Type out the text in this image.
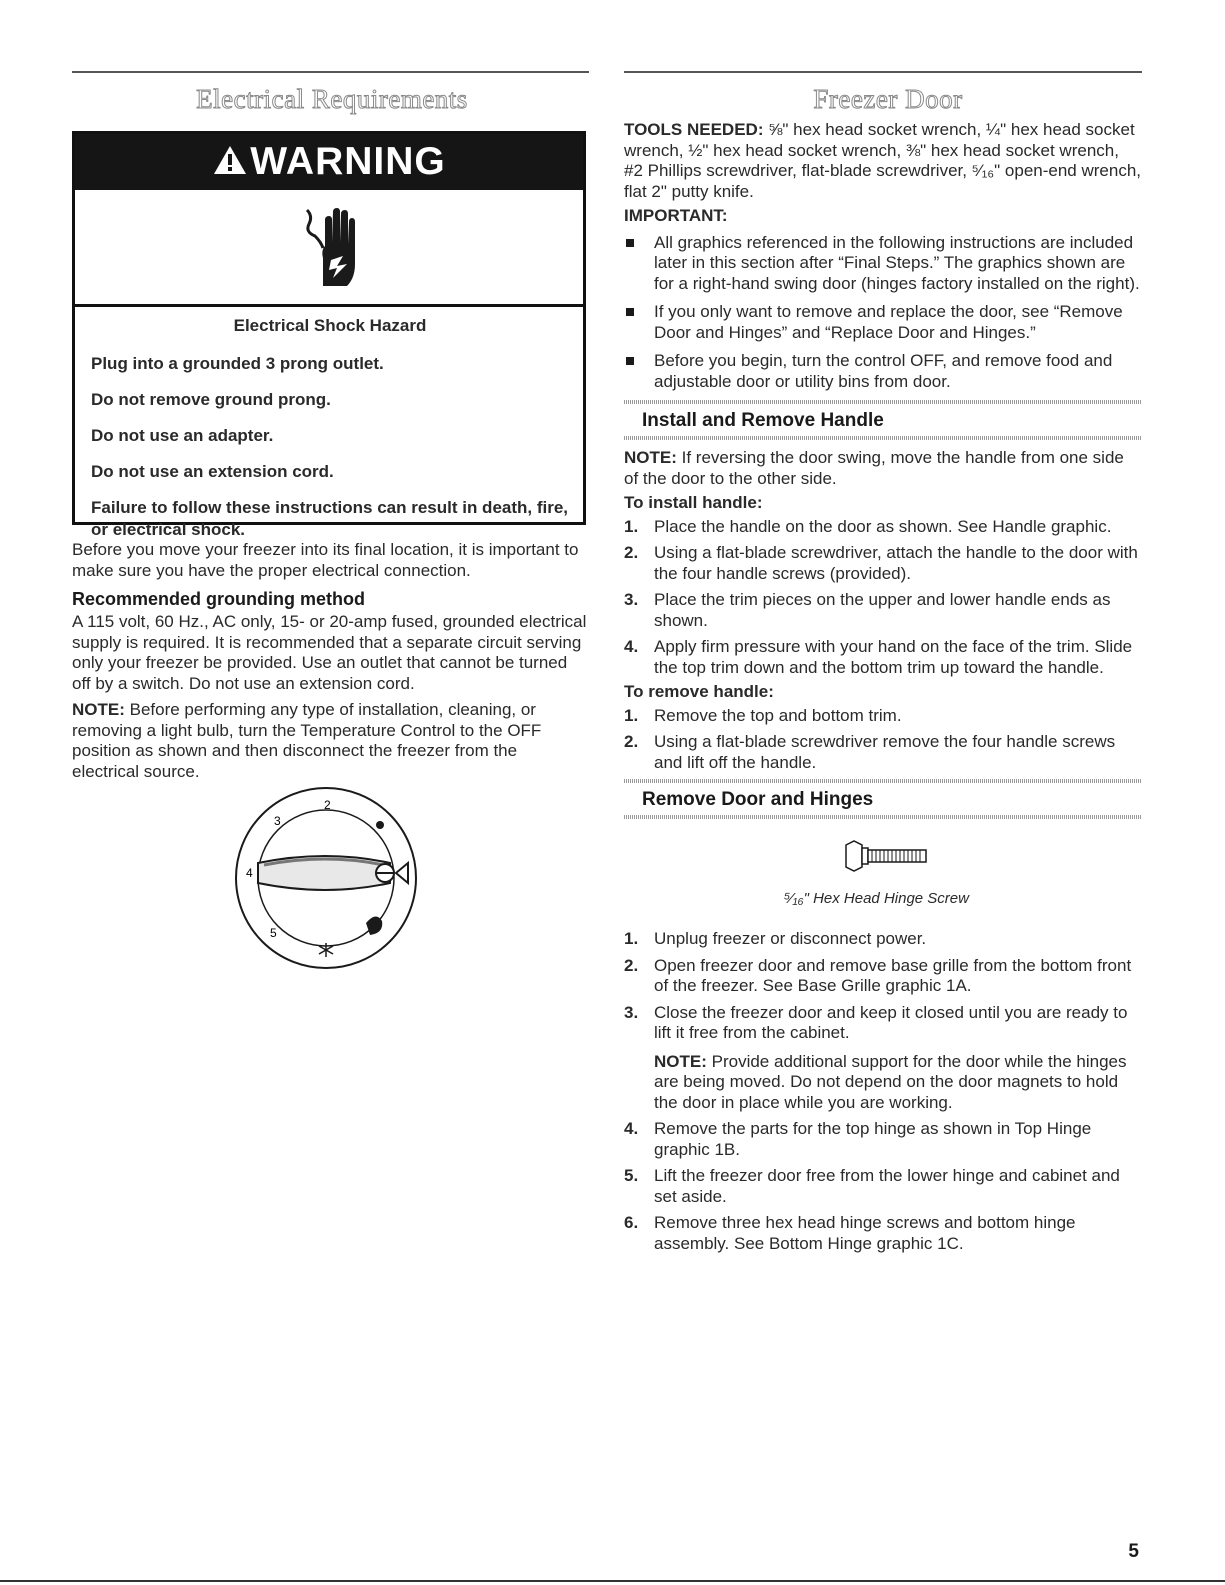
Electrical Requirements
WARNING

Electrical Shock Hazard

Plug into a grounded 3 prong outlet.

Do not remove ground prong.

Do not use an adapter.

Do not use an extension cord.

Failure to follow these instructions can result in death, fire, or electrical shock.

Before you move your freezer into its final location, it is important to make sure you have the proper electrical connection.

Recommended grounding method

A 115 volt, 60 Hz., AC only, 15- or 20-amp fused, grounded electrical supply is required. It is recommended that a separate circuit serving only your freezer be provided. Use an outlet that cannot be turned off by a switch. Do not use an extension cord.

NOTE: Before performing any type of installation, cleaning, or removing a light bulb, turn the Temperature Control to the OFF position as shown and then disconnect the freezer from the electrical source.

2
3
4
5
Freezer Door

TOOLS NEEDED: ⅝" hex head socket wrench, ¼" hex head socket wrench, ½" hex head socket wrench, ⅜" hex head socket wrench, #2 Phillips screwdriver, flat-blade screwdriver, ⁵⁄₁₆" open-end wrench, flat 2" putty knife.

IMPORTANT:

All graphics referenced in the following instructions are included later in this section after “Final Steps.” The graphics shown are for a right-hand swing door (hinges factory installed on the right).
If you only want to remove and replace the door, see “Remove Door and Hinges” and “Replace Door and Hinges.”
Before you begin, turn the control OFF, and remove food and adjustable door or utility bins from door.
Install and Remove Handle

NOTE: If reversing the door swing, move the handle from one side of the door to the other side.

To install handle:

1. Place the handle on the door as shown. See Handle graphic.
2. Using a flat-blade screwdriver, attach the handle to the door with the four handle screws (provided).
3. Place the trim pieces on the upper and lower handle ends as shown.
4. Apply firm pressure with your hand on the face of the trim. Slide the top trim down and the bottom trim up toward the handle.

To remove handle:

1. Remove the top and bottom trim.
2. Using a flat-blade screwdriver remove the four handle screws and lift off the handle.
Remove Door and Hinges

⁵⁄₁₆" Hex Head Hinge Screw

1. Unplug freezer or disconnect power.
2. Open freezer door and remove base grille from the bottom front of the freezer. See Base Grille graphic 1A.
3. Close the freezer door and keep it closed until you are ready to lift it free from the cabinet.
NOTE: Provide additional support for the door while the hinges are being moved. Do not depend on the door magnets to hold the door in place while you are working.
4. Remove the parts for the top hinge as shown in Top Hinge graphic 1B.
5. Lift the freezer door free from the lower hinge and cabinet and set aside.
6. Remove three hex head hinge screws and bottom hinge assembly. See Bottom Hinge graphic 1C.
5
